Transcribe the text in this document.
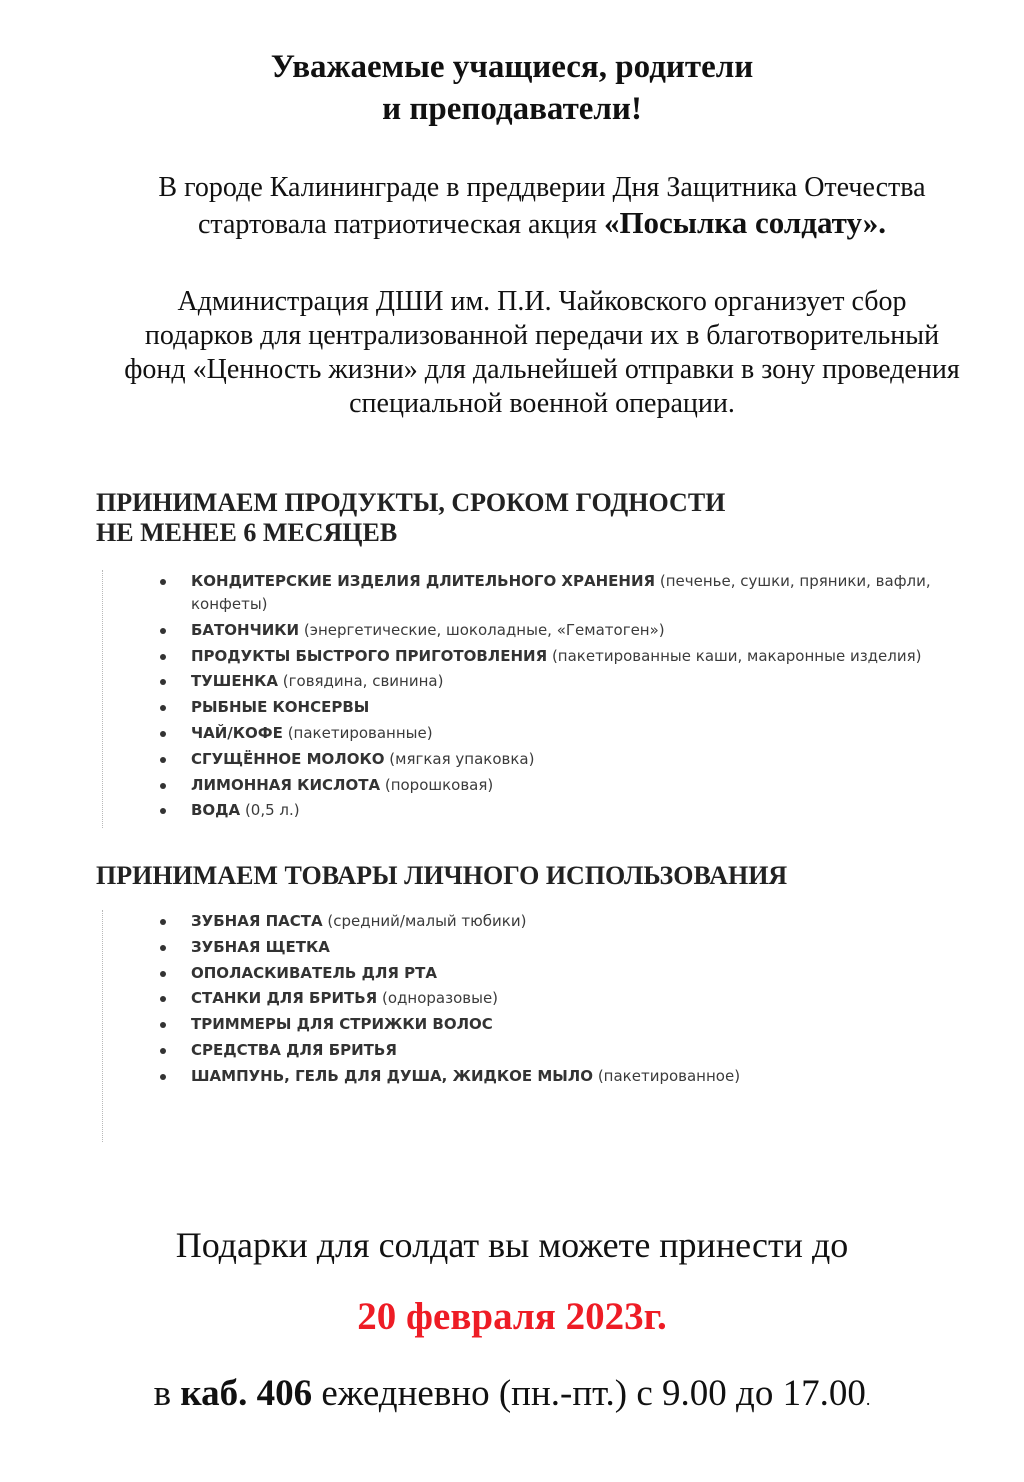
Уважаемые учащиеся, родители
и преподаватели!

В городе Калининграде в преддверии Дня Защитника Отечества
стартовала патриотическая акция «Посылка солдату».

Администрация ДШИ им. П.И. Чайковского организует сбор
подарков для централизованной передачи их в благотворительный
фонд «Ценность жизни» для дальнейшей отправки в зону проведения
специальной военной операции.

ПРИНИМАЕМ ПРОДУКТЫ, СРОКОМ ГОДНОСТИ
НЕ МЕНЕЕ 6 МЕСЯЦЕВ
КОНДИТЕРСКИЕ ИЗДЕЛИЯ ДЛИТЕЛЬНОГО ХРАНЕНИЯ (печенье, сушки, пряники, вафли, конфеты)
БАТОНЧИКИ (энергетические, шоколадные, «Гематоген»)
ПРОДУКТЫ БЫСТРОГО ПРИГОТОВЛЕНИЯ (пакетированные каши, макаронные изделия)
ТУШЕНКА (говядина, свинина)
РЫБНЫЕ КОНСЕРВЫ
ЧАЙ/КОФЕ (пакетированные)
СГУЩЁННОЕ МОЛОКО (мягкая упаковка)
ЛИМОННАЯ КИСЛОТА (порошковая)
ВОДА (0,5 л.)
ПРИНИМАЕМ ТОВАРЫ ЛИЧНОГО ИСПОЛЬЗОВАНИЯ
ЗУБНАЯ ПАСТА (средний/малый тюбики)
ЗУБНАЯ ЩЕТКА
ОПОЛАСКИВАТЕЛЬ ДЛЯ РТА
СТАНКИ ДЛЯ БРИТЬЯ (одноразовые)
ТРИММЕРЫ ДЛЯ СТРИЖКИ ВОЛОС
СРЕДСТВА ДЛЯ БРИТЬЯ
ШАМПУНЬ, ГЕЛЬ ДЛЯ ДУША, ЖИДКОЕ МЫЛО (пакетированное)

Подарки для солдат вы можете принести до

20 февраля 2023г.

в каб. 406 ежедневно (пн.-пт.) с 9.00 до 17.00.
